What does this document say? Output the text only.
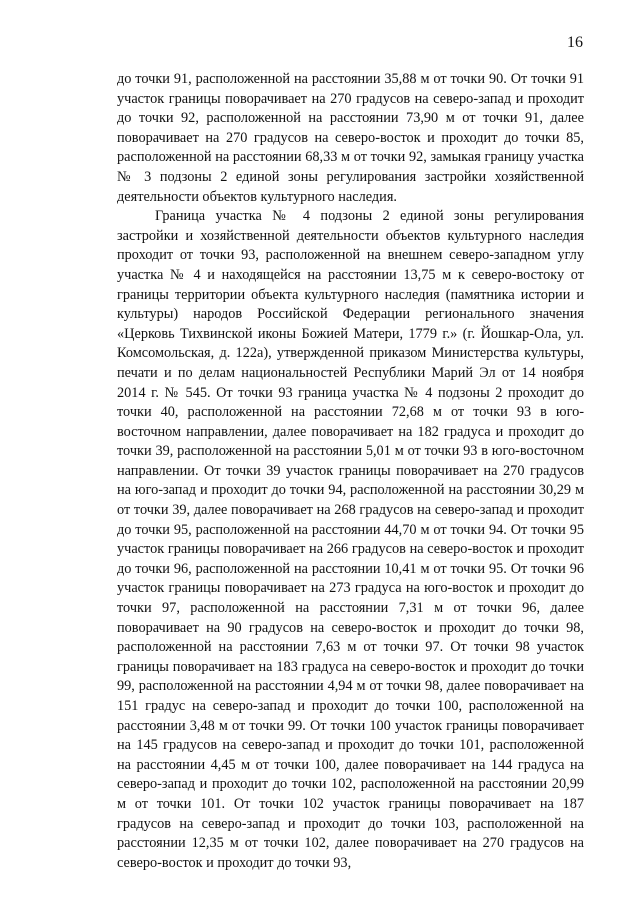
16

до точки 91, расположенной на расстоянии 35,88 м от точки 90. От точки 91 участок границы поворачивает на 270 градусов на северо-запад и проходит до точки 92, расположенной на расстоянии 73,90 м от точки 91, далее поворачивает на 270 градусов на северо-восток и проходит до точки 85, расположенной на расстоянии 68,33 м от точки 92, замыкая границу участка № 3 подзоны 2 единой зоны регулирования застройки хозяйственной деятельности объектов культурного наследия.

Граница участка № 4 подзоны 2 единой зоны регулирования застройки и хозяйственной деятельности объектов культурного наследия проходит от точки 93, расположенной на внешнем северо-западном углу участка № 4 и находящейся на расстоянии 13,75 м к северо-востоку от границы территории объекта культурного наследия (памятника истории и культуры) народов Российской Федерации регионального значения «Церковь Тихвинской иконы Божией Матери, 1779 г.» (г. Йошкар-Ола, ул. Комсомольская, д. 122а), утвержденной приказом Министерства культуры, печати и по делам национальностей Республики Марий Эл от 14 ноября 2014 г. № 545. От точки 93 граница участка № 4 подзоны 2 проходит до точки 40, расположенной на расстоянии 72,68 м от точки 93 в юго-восточном направлении, далее поворачивает на 182 градуса и проходит до точки 39, расположенной на расстоянии 5,01 м от точки 93 в юго-восточном направлении. От точки 39 участок границы поворачивает на 270 градусов на юго-запад и проходит до точки 94, расположенной на расстоянии 30,29 м от точки 39, далее поворачивает на 268 градусов на северо-запад и проходит до точки 95, расположенной на расстоянии 44,70 м от точки 94. От точки 95 участок границы поворачивает на 266 градусов на северо-восток и проходит до точки 96, расположенной на расстоянии 10,41 м от точки 95. От точки 96 участок границы поворачивает на 273 градуса на юго-восток и проходит до точки 97, расположенной на расстоянии 7,31 м от точки 96, далее поворачивает на 90 градусов на северо-восток и проходит до точки 98, расположенной на расстоянии 7,63 м от точки 97. От точки 98 участок границы поворачивает на 183 градуса на северо-восток и проходит до точки 99, расположенной на расстоянии 4,94 м от точки 98, далее поворачивает на 151 градус на северо-запад и проходит до точки 100, расположенной на расстоянии 3,48 м от точки 99. От точки 100 участок границы поворачивает на 145 градусов на северо-запад и проходит до точки 101, расположенной на расстоянии 4,45 м от точки 100, далее поворачивает на 144 градуса на северо-запад и проходит до точки 102, расположенной на расстоянии 20,99 м от точки 101. От точки 102 участок границы поворачивает на 187 градусов на северо-запад и проходит до точки 103, расположенной на расстоянии 12,35 м от точки 102, далее поворачивает на 270 градусов на северо-восток и проходит до точки 93,
